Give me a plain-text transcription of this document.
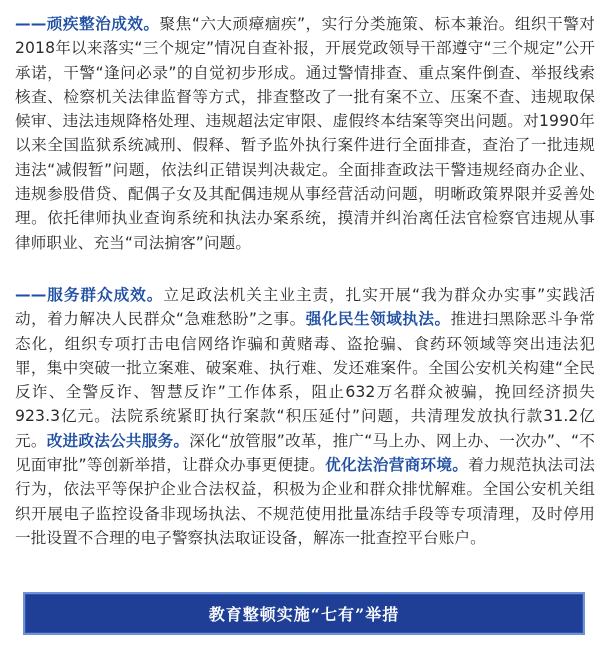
——顽疾整治成效。聚焦“六大顽瘴痼疾”，实行分类施策、标本兼治。组织干警对2018年以来落实“三个规定”情况自查补报，开展党政领导干部遵守“三个规定”公开承诺，干警“逢问必录”的自觉初步形成。通过警情排查、重点案件倒查、举报线索核查、检察机关法律监督等方式，排查整改了一批有案不立、压案不查、违规取保候审、违法违规降格处理、违规超法定审限、虚假终本结案等突出问题。对1990年以来全国监狱系统减刑、假释、暂予监外执行案件进行全面排查，查治了一批违规违法“减假暂”问题，依法纠正错误判决裁定。全面排查政法干警违规经商办企业、违规参股借贷、配偶子女及其配偶违规从事经营活动问题，明晰政策界限并妥善处理。依托律师执业查询系统和执法办案系统，摸清并纠治离任法官检察官违规从事律师职业、充当“司法掮客”问题。

——服务群众成效。立足政法机关主业主责，扎实开展“我为群众办实事”实践活动，着力解决人民群众“急难愁盼”之事。强化民生领域执法。推进扫黑除恶斗争常态化，组织专项打击电信网络诈骗和黄赌毒、盗抢骗、食药环领域等突出违法犯罪，集中突破一批立案难、破案难、执行难、发还难案件。全国公安机关构建“全民反诈、全警反诈、智慧反诈”工作体系，阻止632万名群众被骗，挽回经济损失923.3亿元。法院系统紧盯执行案款“积压延付”问题，共清理发放执行款31.2亿元。改进政法公共服务。深化“放管服”改革，推广“马上办、网上办、一次办”、“不见面审批”等创新举措，让群众办事更便捷。优化法治营商环境。着力规范执法司法行为，依法平等保护企业合法权益，积极为企业和群众排忧解难。全国公安机关组织开展电子监控设备非现场执法、不规范使用批量冻结手段等专项清理，及时停用一批设置不合理的电子警察执法取证设备，解冻一批查控平台账户。

教育整顿实施“七有”举措
